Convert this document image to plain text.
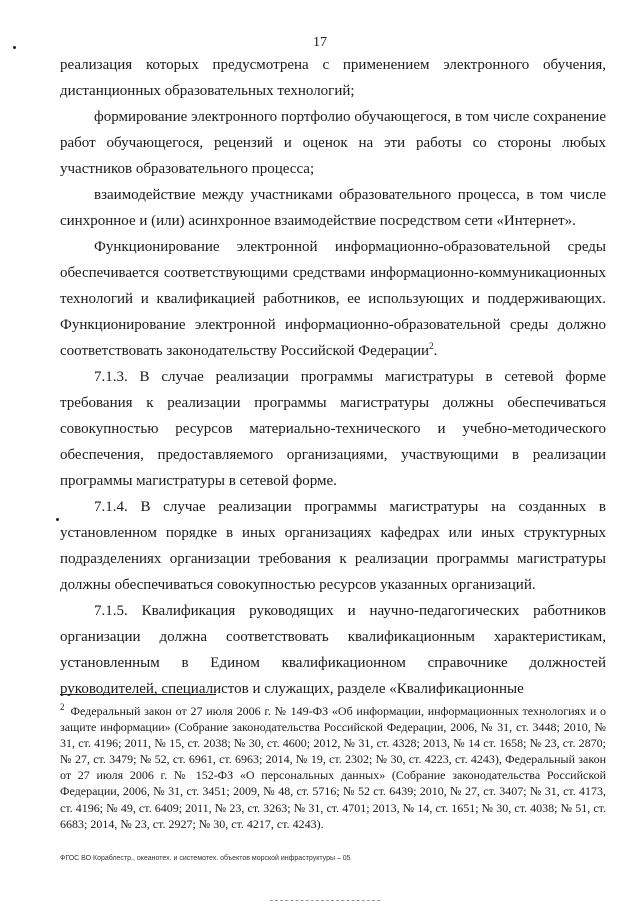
17

реализация которых предусмотрена с применением электронного обучения, дистанционных образовательных технологий;

формирование электронного портфолио обучающегося, в том числе сохранение работ обучающегося, рецензий и оценок на эти работы со стороны любых участников образовательного процесса;

взаимодействие между участниками образовательного процесса, в том числе синхронное и (или) асинхронное взаимодействие посредством сети «Интернет».

Функционирование электронной информационно-образовательной среды обеспечивается соответствующими средствами информационно-коммуникационных технологий и квалификацией работников, ее использующих и поддерживающих. Функционирование электронной информационно-образовательной среды должно соответствовать законодательству Российской Федерации$^2$.

7.1.3. В случае реализации программы магистратуры в сетевой форме требования к реализации программы магистратуры должны обеспечиваться совокупностью ресурсов материально-технического и учебно-методического обеспечения, предоставляемого организациями, участвующими в реализации программы магистратуры в сетевой форме.

7.1.4. В случае реализации программы магистратуры на созданных в установленном порядке в иных организациях кафедрах или иных структурных подразделениях организации требования к реализации программы магистратуры должны обеспечиваться совокупностью ресурсов указанных организаций.

7.1.5. Квалификация руководящих и научно-педагогических работников организации должна соответствовать квалификационным характеристикам, установленным в Едином квалификационном справочнике должностей руководителей, специалистов и служащих, разделе «Квалификационные

$^2$ Федеральный закон от 27 июля 2006 г. № 149-ФЗ «Об информации, информационных технологиях и о защите информации» (Собрание законодательства Российской Федерации, 2006, № 31, ст. 3448; 2010, № 31, ст. 4196; 2011, № 15, ст. 2038; № 30, ст. 4600; 2012, № 31, ст. 4328; 2013, № 14 ст. 1658; № 23, ст. 2870; № 27, ст. 3479; № 52, ст. 6961, ст. 6963; 2014, № 19, ст. 2302; № 30, ст. 4223, ст. 4243), Федеральный закон от 27 июля 2006 г. № 152-ФЗ «О персональных данных» (Собрание законодательства Российской Федерации, 2006, № 31, ст. 3451; 2009, № 48, ст. 5716; № 52 ст. 6439; 2010, № 27, ст. 3407; № 31, ст. 4173, ст. 4196; № 49, ст. 6409; 2011, № 23, ст. 3263; № 31, ст. 4701; 2013, № 14, ст. 1651; № 30, ст. 4038; № 51, ст. 6683; 2014, № 23, ст. 2927; № 30, ст. 4217, ст. 4243).
ФГОС ВО Кораблестр., океанотех. и системотех. объектов морской инфраструктуры – 05
